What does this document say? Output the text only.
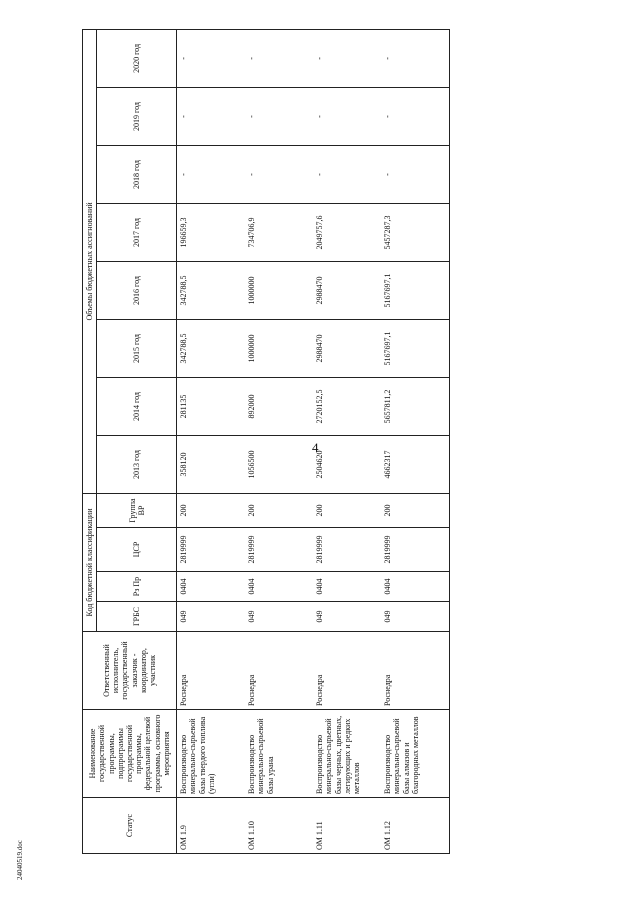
4
Статус	Наименование государственной программы, подпрограммы государственной программы, федеральной целевой программы, основного мероприятия	Ответственный исполнитель, государственный заказчик - координатор, участник	Код бюджетной классификации				Объемы бюджетных ассигнований							
			ГРБС	Рз Пр	ЦСР	Группа ВР	2013 год	2014 год	2015 год	2016 год	2017 год	2018 год	2019 год	2020 год
ОМ 1.9	Воспроизводство минерально-сырьевой базы твердого топлива (угли)	Роснедра	049	0404	2819999	200	358120	281135	342788,5	342788,5	196659,3	-	-	-
ОМ 1.10	Воспроизводство минерально-сырьевой базы урана	Роснедра	049	0404	2819999	200	1056500	892000	1000000	1000000	734706,9	-	-	-
ОМ 1.11	Воспроизводство минерально-сырьевой базы черных, цветных, легирующих и редких металлов	Роснедра	049	0404	2819999	200	2504620	2720152,5	2988470	2988470	2049757,6	-	-	-
ОМ 1.12	Воспроизводство минерально-сырьевой базы алмазов и благородных металлов	Роснедра	049	0404	2819999	200	4662317	5657811,2	5167697,1	5167697,1	5457287,3	-	-	-
24040519.doc
